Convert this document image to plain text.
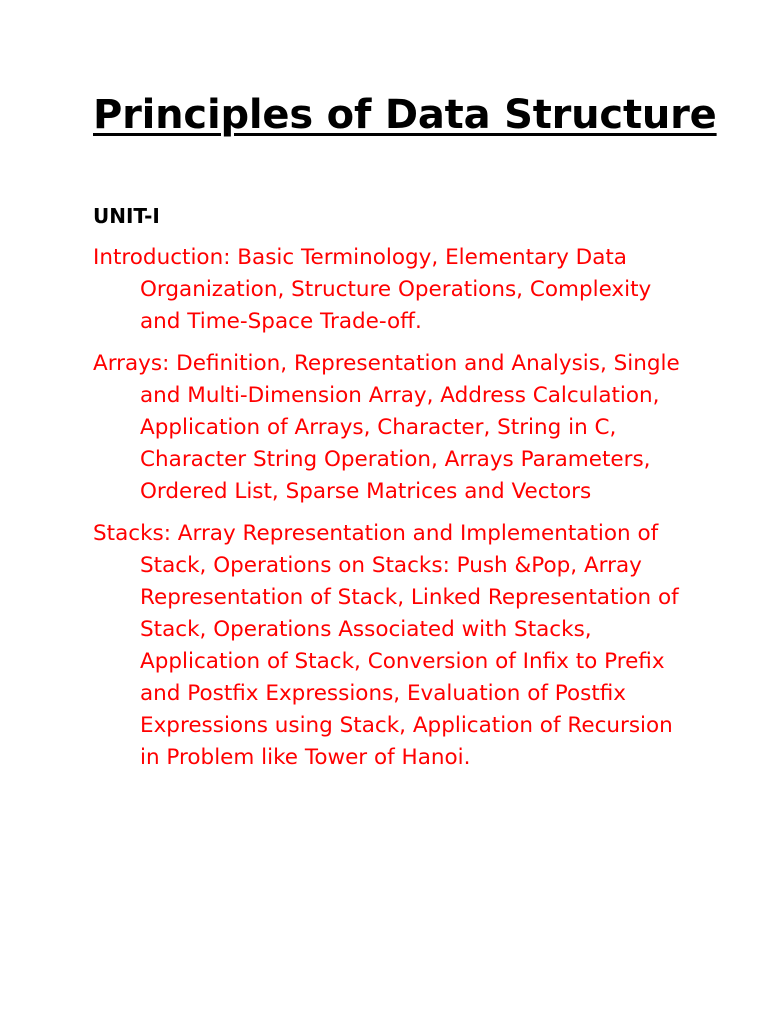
Principles of Data Structure
UNIT-I
Introduction: Basic Terminology, Elementary Data Organization, Structure Operations, Complexity and Time-Space Trade-off.
Arrays: Definition, Representation and Analysis, Single and Multi-Dimension Array, Address Calculation, Application of Arrays, Character, String in C, Character String Operation, Arrays Parameters, Ordered List, Sparse Matrices and Vectors
Stacks: Array Representation and Implementation of Stack, Operations on Stacks: Push &Pop, Array Representation of Stack, Linked Representation of Stack, Operations Associated with Stacks, Application of Stack, Conversion of Infix to Prefix and Postfix Expressions, Evaluation of Postfix Expressions using Stack, Application of Recursion in Problem like Tower of Hanoi.
